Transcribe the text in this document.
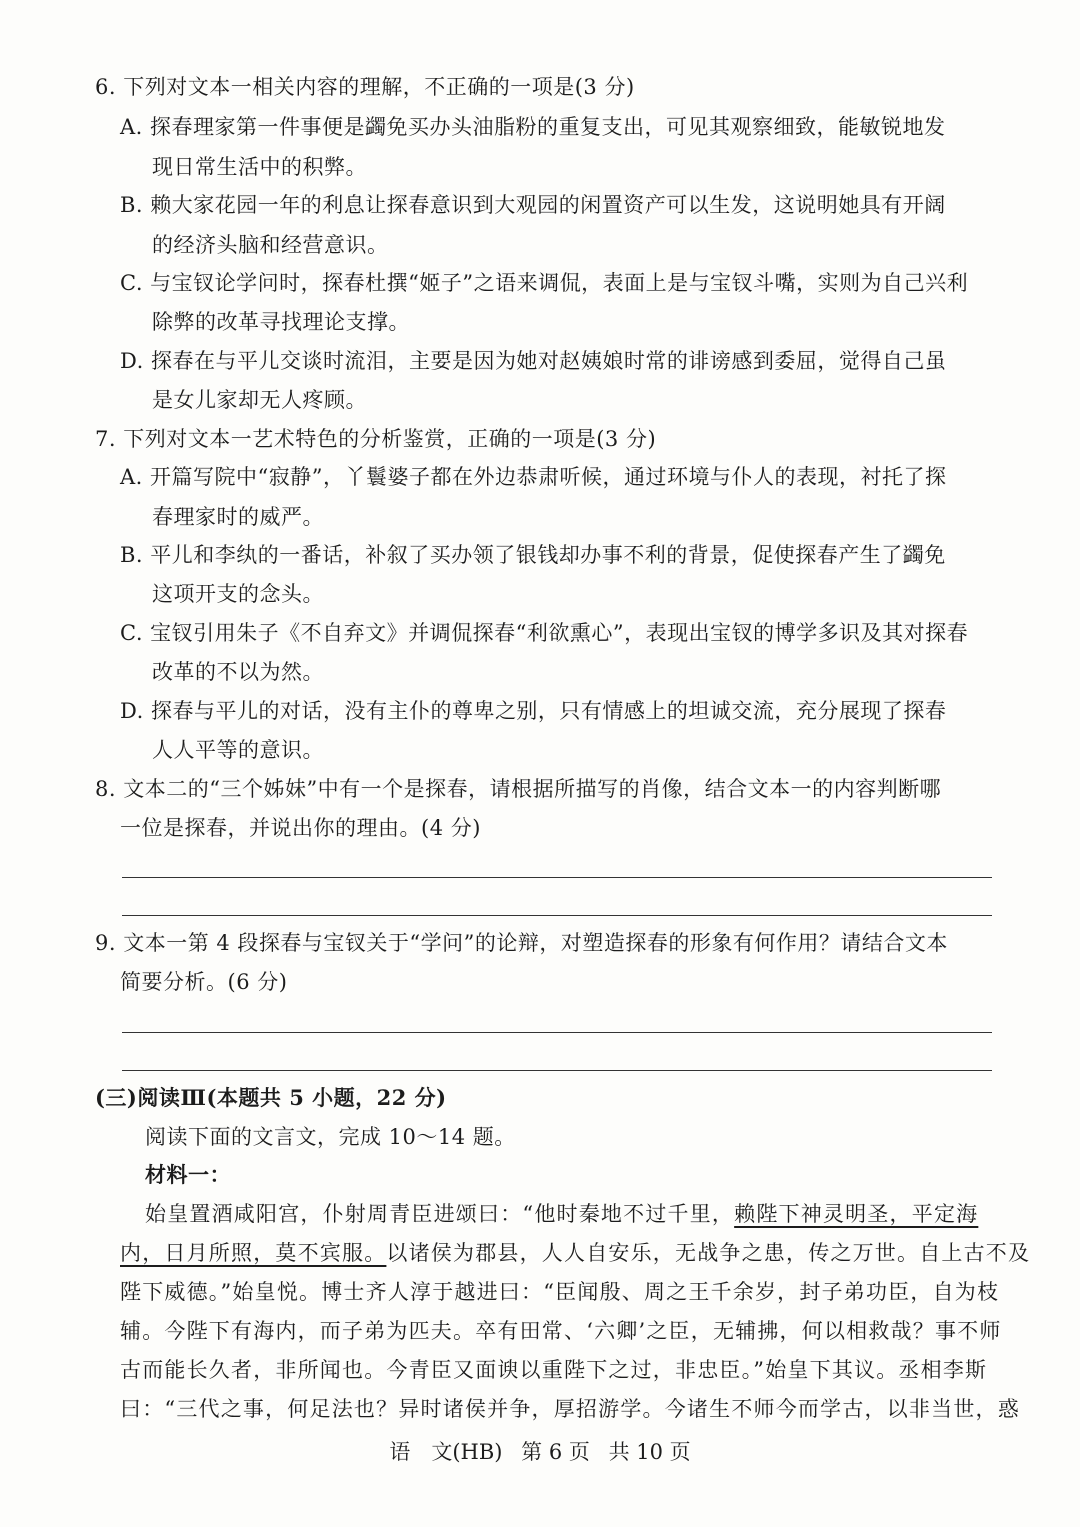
6. 下列对文本一相关内容的理解，不正确的一项是(3 分)
A. 探春理家第一件事便是蠲免买办头油脂粉的重复支出，可见其观察细致，能敏锐地发
现日常生活中的积弊。
B. 赖大家花园一年的利息让探春意识到大观园的闲置资产可以生发，这说明她具有开阔
的经济头脑和经营意识。
C. 与宝钗论学问时，探春杜撰“姬子”之语来调侃，表面上是与宝钗斗嘴，实则为自己兴利
除弊的改革寻找理论支撑。
D. 探春在与平儿交谈时流泪，主要是因为她对赵姨娘时常的诽谤感到委屈，觉得自己虽
是女儿家却无人疼顾。
7. 下列对文本一艺术特色的分析鉴赏，正确的一项是(3 分)
A. 开篇写院中“寂静”，丫鬟婆子都在外边恭肃听候，通过环境与仆人的表现，衬托了探
春理家时的威严。
B. 平儿和李纨的一番话，补叙了买办领了银钱却办事不利的背景，促使探春产生了蠲免
这项开支的念头。
C. 宝钗引用朱子《不自弃文》并调侃探春“利欲熏心”，表现出宝钗的博学多识及其对探春
改革的不以为然。
D. 探春与平儿的对话，没有主仆的尊卑之别，只有情感上的坦诚交流，充分展现了探春
人人平等的意识。
8. 文本二的“三个姊妹”中有一个是探春，请根据所描写的肖像，结合文本一的内容判断哪
一位是探春，并说出你的理由。(4 分)
9. 文本一第 4 段探春与宝钗关于“学问”的论辩，对塑造探春的形象有何作用？请结合文本
简要分析。(6 分)
(三)阅读Ⅲ(本题共 5 小题，22 分)
阅读下面的文言文，完成 10～14 题。
材料一：
始皇置酒咸阳宫，仆射周青臣进颂曰：“他时秦地不过千里，赖陛下神灵明圣，平定海
内，日月所照，莫不宾服。以诸侯为郡县，人人自安乐，无战争之患，传之万世。自上古不及
陛下威德。”始皇悦。博士齐人淳于越进曰：“臣闻殷、周之王千余岁，封子弟功臣，自为枝
辅。今陛下有海内，而子弟为匹夫。卒有田常、‘六卿’之臣，无辅拂，何以相救哉？事不师
古而能长久者，非所闻也。今青臣又面谀以重陛下之过，非忠臣。”始皇下其议。丞相李斯
曰：“三代之事，何足法也？异时诸侯并争，厚招游学。今诸生不师今而学古，以非当世，惑
语　文(HB) 第 6 页 共 10 页
